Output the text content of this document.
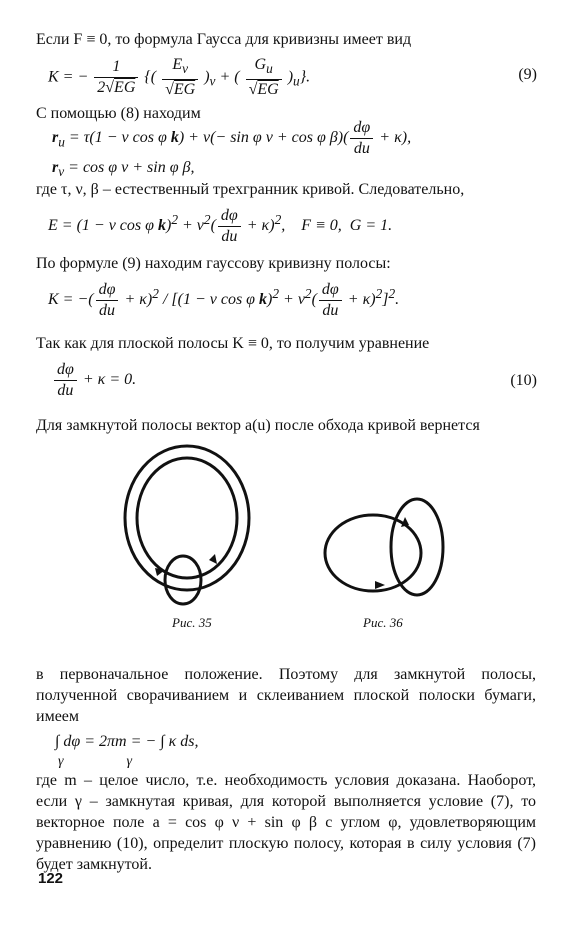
Если F ≡ 0, то формула Гаусса для кривизны имеет вид
K = − $\frac{1}{2√EG}$ {( $\frac{E_v}{√EG} )_v$ + ( $\frac{G_u}{√EG} )_u$}.	(9)
С помощью (8) находим
$r_u = \tau(1 - v$ cos φ k) + v(− sin φ ν + cos φ $\beta)( \frac{d\varphi}{du} + \kappa)$,
$r_v = \cos \varphi$ ν + sin φ β,
где τ, ν, β – естественный трехгранник кривой. Следовательно,
E = (1 − v cos φ $k)^2 + v^2( \frac{d\varphi}{du} + \kappa)^2$,    F ≡ 0,  G = 1.
По формуле (9) находим гауссову кривизну полосы:
K = −( $\frac{d\varphi}{du} + \kappa)^2 / [(1 - v$ cos φ $k)^2 + v^2( \frac{d\varphi}{du} + \kappa)^2]^2$.
Так как для плоской полосы K ≡ 0, то получим уравнение
$\frac{d\varphi}{du} + \kappa = 0$.	(10)
Для замкнутой полосы вектор a(u) после обхода кривой вернется
Рис. 35	Рис. 36
в первоначальное положение. Поэтому для замкнутой полосы, полученной сворачиванием и склеиванием плоской полоски бумаги, имеем
∫ dφ = 2πm = − ∫ κ ds,
γ                  γ
где m – целое число, т.е. необходимость условия доказана. Наоборот, если γ – замкнутая кривая, для которой выполняется условие (7), то векторное поле a = cos φ ν + sin φ β с углом φ, удовлетворяющим уравнению (10), определит плоскую полосу, которая в силу условия (7) будет замкнутой.
122
